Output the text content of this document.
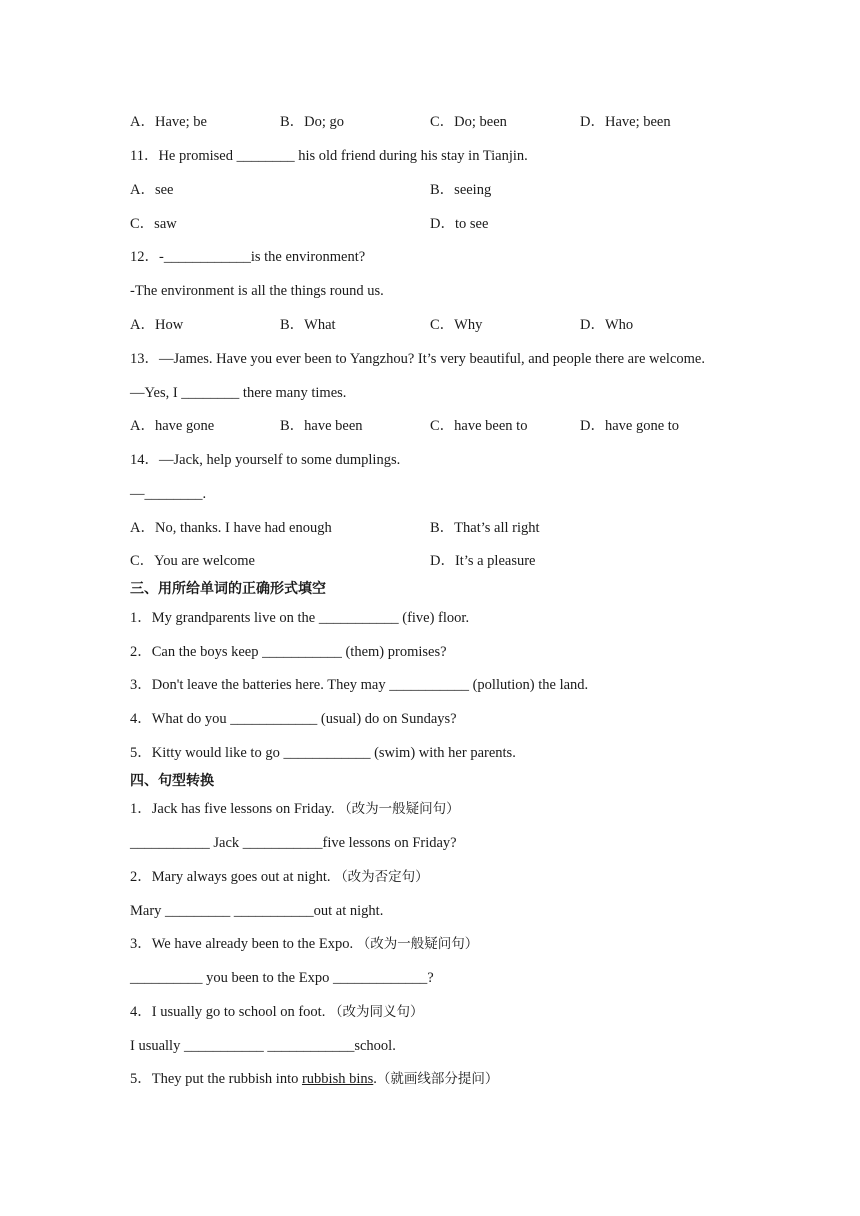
A．Have; be	B．Do; go	C．Do; been	D．Have; been
11．He promised ________ his old friend during his stay in Tianjin.
A．see	B．seeing
C．saw	D．to see
12．-____________is the environment?
-The environment is all the things round us.
A．How	B．What	C．Why	D．Who
13．—James. Have you ever been to Yangzhou? It’s very beautiful, and people there are welcome.
—Yes, I ________ there many times.
A．have gone	B．have been	C．have been to	D．have gone to
14．—Jack, help yourself to some dumplings.
—________.
A．No, thanks. I have had enough	B．That’s all right
C．You are welcome	D．It’s a pleasure
三、用所给单词的正确形式填空
1．My grandparents live on the ___________ (five) floor.
2．Can the boys keep ___________ (them) promises?
3．Don't leave the batteries here. They may ___________ (pollution) the land.
4．What do you ____________ (usual) do on Sundays?
5．Kitty would like to go ____________ (swim) with her parents.
四、句型转换
1．Jack has five lessons on Friday. （改为一般疑问句）
___________ Jack ___________five lessons on Friday?
2．Mary always goes out at night. （改为否定句）
Mary _________ ___________out at night.
3．We have already been to the Expo. （改为一般疑问句）
__________ you been to the Expo _____________?
4．I usually go to school on foot. （改为同义句）
I usually ___________ ____________school.
5．They put the rubbish into rubbish bins.（就画线部分提问）
